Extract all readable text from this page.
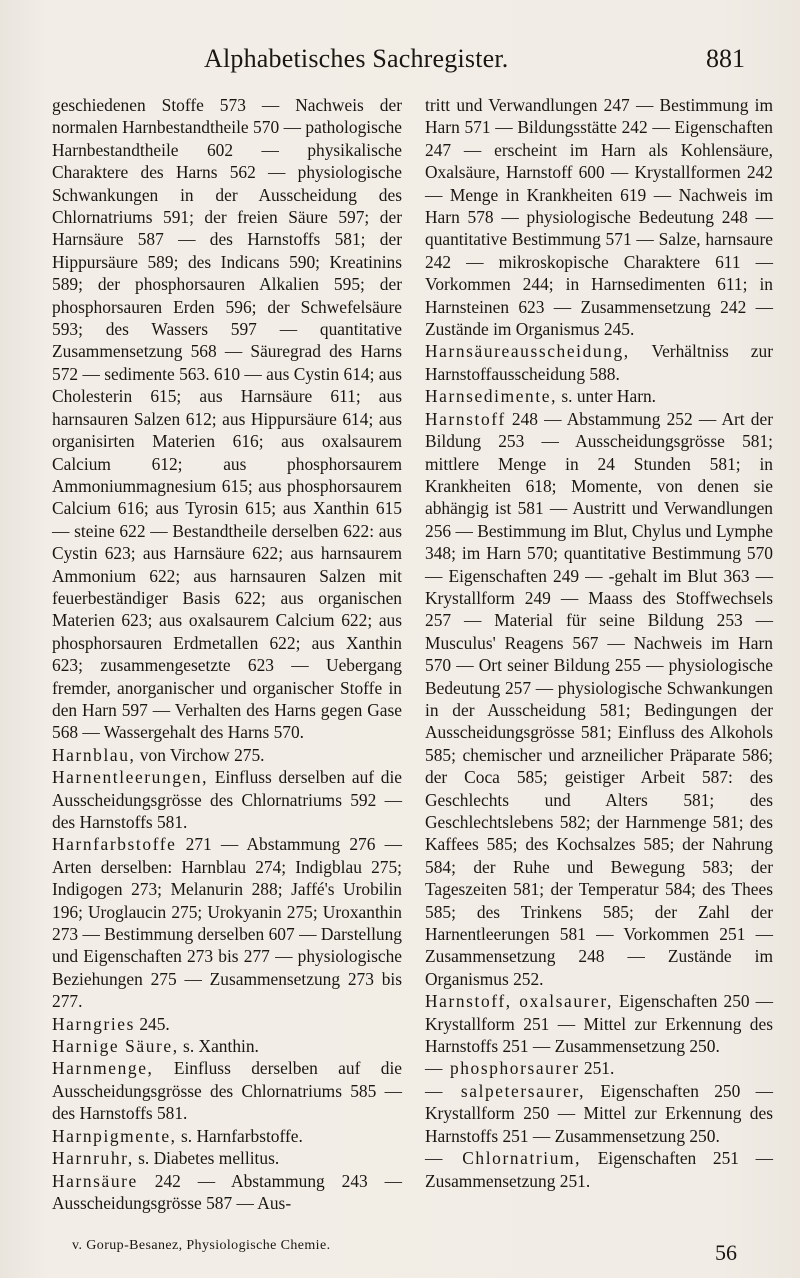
Alphabetisches Sachregister.	881

geschiedenen Stoffe 573 — Nachweis der normalen Harnbestandtheile 570 — pathologische Harnbestandtheile 602 — physikalische Charaktere des Harns 562 — physiologische Schwankungen in der Ausscheidung des Chlornatriums 591; der freien Säure 597; der Harnsäure 587 — des Harnstoffs 581; der Hippursäure 589; des Indicans 590; Kreatinins 589; der phosphorsauren Alkalien 595; der phosphorsauren Erden 596; der Schwefelsäure 593; des Wassers 597 — quantitative Zusammensetzung 568 — Säuregrad des Harns 572 — sedimente 563. 610 — aus Cystin 614; aus Cholesterin 615; aus Harnsäure 611; aus harnsauren Salzen 612; aus Hippursäure 614; aus organisirten Materien 616; aus oxalsaurem Calcium 612; aus phosphorsaurem Ammoniummagnesium 615; aus phosphorsaurem Calcium 616; aus Tyrosin 615; aus Xanthin 615 — steine 622 — Bestandtheile derselben 622: aus Cystin 623; aus Harnsäure 622; aus harnsaurem Ammonium 622; aus harnsauren Salzen mit feuerbeständiger Basis 622; aus organischen Materien 623; aus oxalsaurem Calcium 622; aus phosphorsauren Erdmetallen 622; aus Xanthin 623; zusammengesetzte 623 — Uebergang fremder, anorganischer und organischer Stoffe in den Harn 597 — Verhalten des Harns gegen Gase 568 — Wassergehalt des Harns 570.

Harnblau, von Virchow 275.

Harnentleerungen, Einfluss derselben auf die Ausscheidungsgrösse des Chlornatriums 592 — des Harnstoffs 581.

Harnfarbstoffe 271 — Abstammung 276 — Arten derselben: Harnblau 274; Indigblau 275; Indigogen 273; Melanurin 288; Jaffé's Urobilin 196; Uroglaucin 275; Urokyanin 275; Uroxanthin 273 — Bestimmung derselben 607 — Darstellung und Eigenschaften 273 bis 277 — physiologische Beziehungen 275 — Zusammensetzung 273 bis 277.

Harngries 245.

Harnige Säure, s. Xanthin.

Harnmenge, Einfluss derselben auf die Ausscheidungsgrösse des Chlornatriums 585 — des Harnstoffs 581.

Harnpigmente, s. Harnfarbstoffe.

Harnruhr, s. Diabetes mellitus.

Harnsäure 242 — Abstammung 243 — Ausscheidungsgrösse 587 — Aus-

tritt und Verwandlungen 247 — Bestimmung im Harn 571 — Bildungsstätte 242 — Eigenschaften 247 — erscheint im Harn als Kohlensäure, Oxalsäure, Harnstoff 600 — Krystallformen 242 — Menge in Krankheiten 619 — Nachweis im Harn 578 — physiologische Bedeutung 248 — quantitative Bestimmung 571 — Salze, harnsaure 242 — mikroskopische Charaktere 611 — Vorkommen 244; in Harnsedimenten 611; in Harnsteinen 623 — Zusammensetzung 242 — Zustände im Organismus 245.

Harnsäureausscheidung, Verhältniss zur Harnstoffausscheidung 588.

Harnsedimente, s. unter Harn.

Harnstoff 248 — Abstammung 252 — Art der Bildung 253 — Ausscheidungsgrösse 581; mittlere Menge in 24 Stunden 581; in Krankheiten 618; Momente, von denen sie abhängig ist 581 — Austritt und Verwandlungen 256 — Bestimmung im Blut, Chylus und Lymphe 348; im Harn 570; quantitative Bestimmung 570 — Eigenschaften 249 — -gehalt im Blut 363 — Krystallform 249 — Maass des Stoffwechsels 257 — Material für seine Bildung 253 — Musculus' Reagens 567 — Nachweis im Harn 570 — Ort seiner Bildung 255 — physiologische Bedeutung 257 — physiologische Schwankungen in der Ausscheidung 581; Bedingungen der Ausscheidungsgrösse 581; Einfluss des Alkohols 585; chemischer und arzneilicher Präparate 586; der Coca 585; geistiger Arbeit 587: des Geschlechts und Alters 581; des Geschlechtslebens 582; der Harnmenge 581; des Kaffees 585; des Kochsalzes 585; der Nahrung 584; der Ruhe und Bewegung 583; der Tageszeiten 581; der Temperatur 584; des Thees 585; des Trinkens 585; der Zahl der Harnentleerungen 581 — Vorkommen 251 — Zusammensetzung 248 — Zustände im Organismus 252.

Harnstoff, oxalsaurer, Eigenschaften 250 — Krystallform 251 — Mittel zur Erkennung des Harnstoffs 251 — Zusammensetzung 250.

— phosphorsaurer 251.

— salpetersaurer, Eigenschaften 250 — Krystallform 250 — Mittel zur Erkennung des Harnstoffs 251 — Zusammensetzung 250.

— Chlornatrium, Eigenschaften 251 — Zusammensetzung 251.

v. Gorup-Besanez, Physiologische Chemie.	56
